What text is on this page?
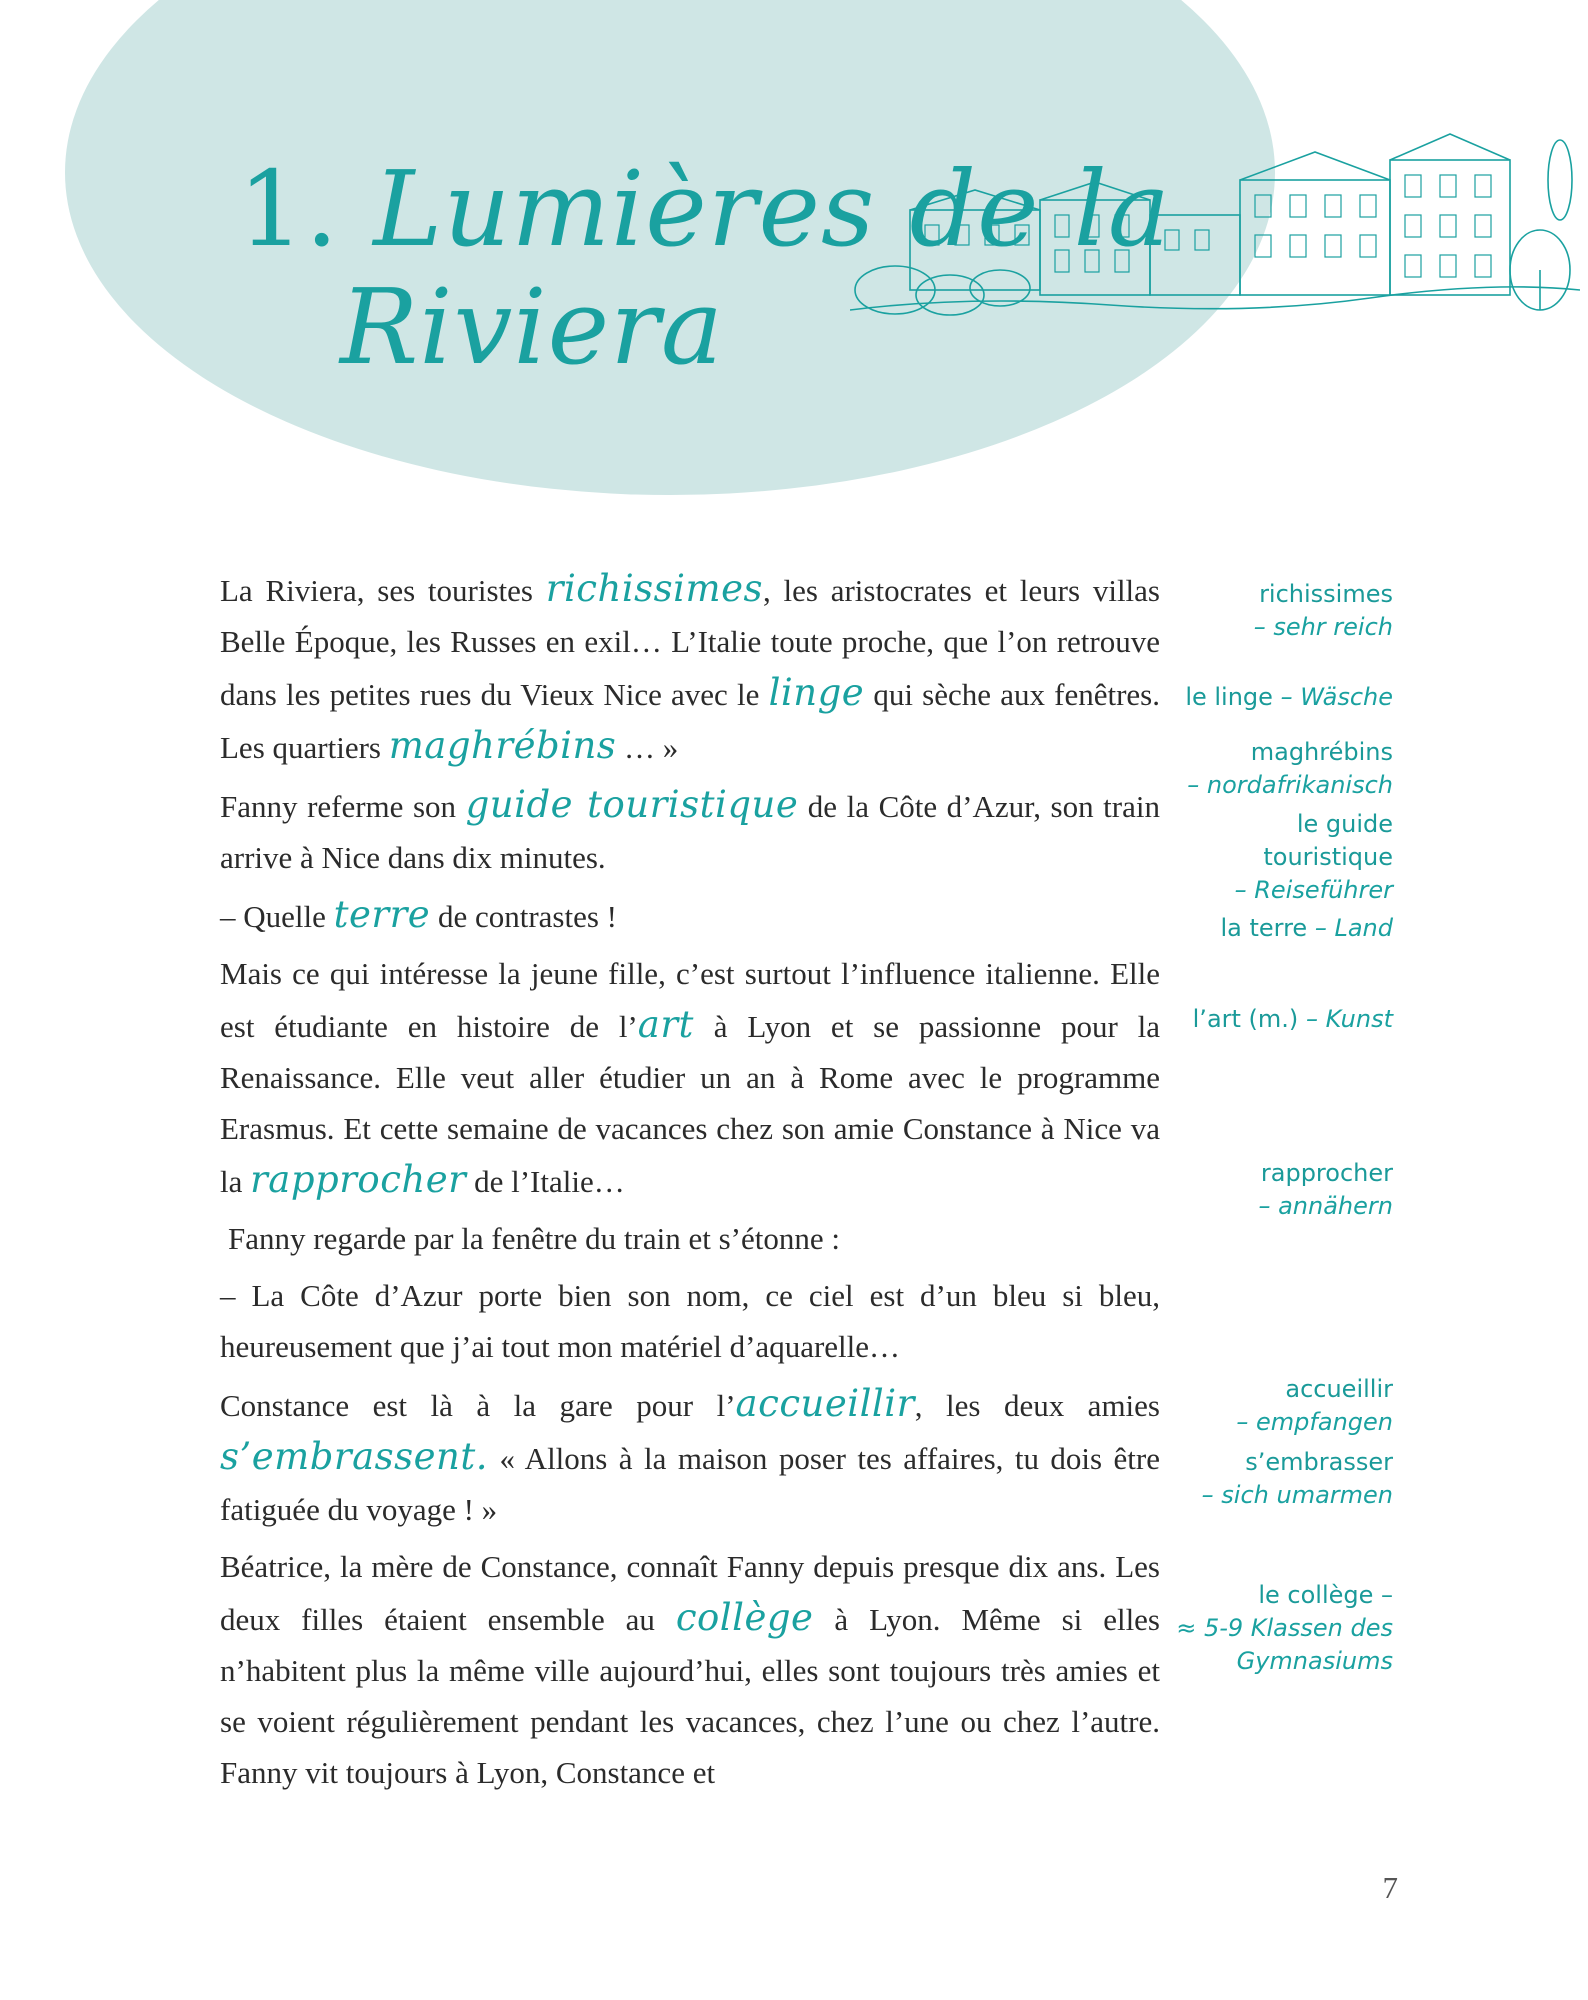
1. Lumières de la
Riviera

La Riviera, ses touristes richissimes, les aristocrates et leurs villas Belle Époque, les Russes en exil… L’Italie toute proche, que l’on retrouve dans les petites rues du Vieux Nice avec le linge qui sèche aux fenêtres. Les quartiers maghrébins … »

Fanny referme son guide touristique de la Côte d’Azur, son train arrive à Nice dans dix minutes.

– Quelle terre de contrastes !

Mais ce qui intéresse la jeune fille, c’est surtout l’influence italienne. Elle est étudiante en histoire de l’art à Lyon et se passionne pour la Renaissance. Elle veut aller étudier un an à Rome avec le programme Erasmus. Et cette semaine de vacances chez son amie Constance à Nice va la rapprocher de l’Italie…

Fanny regarde par la fenêtre du train et s’étonne :

– La Côte d’Azur porte bien son nom, ce ciel est d’un bleu si bleu, heureusement que j’ai tout mon matériel d’aquarelle…

Constance est là à la gare pour l’accueillir, les deux amies s’embrassent. « Allons à la maison poser tes affaires, tu dois être fatiguée du voyage ! »

Béatrice, la mère de Constance, connaît Fanny depuis presque dix ans. Les deux filles étaient ensemble au collège à Lyon. Même si elles n’habitent plus la même ville aujourd’hui, elles sont toujours très amies et se voient régulièrement pendant les vacances, chez l’une ou chez l’autre. Fanny vit toujours à Lyon, Constance et

richissimes
– sehr reich
le linge – Wäsche
maghrébins
– nordafrikanisch
le guide
touristique
– Reiseführer
la terre – Land
l’art (m.) – Kunst
rapprocher
– annähern
accueillir
– empfangen
s’embrasser
– sich umarmen
le collège –
≈ 5-9 Klassen des
Gymnasiums
7
